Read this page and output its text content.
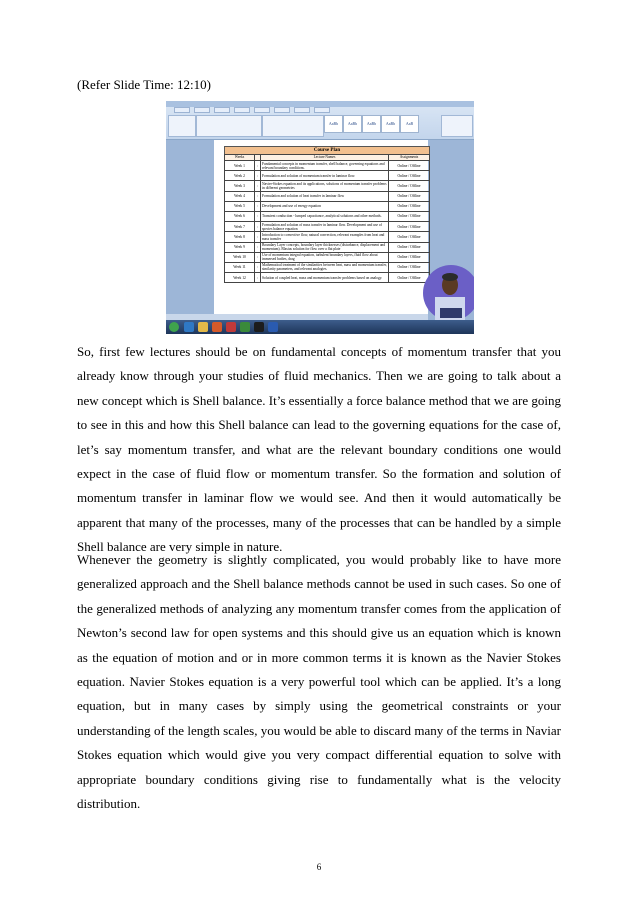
(Refer Slide Time: 12:10)
AaBb	AaBb	AaBb	AaBb	AaB
Course Plan
Weeks		Lecture Names	Assignments
Week 1	:	Fundamental concepts in momentum transfer, shell balance, governing equations and relevant boundary conditions.	Online / Offline
Week 2	:	Formulation and solution of momentum transfer in laminar flow.	Online / Offline
Week 3	:	Navier-Stokes equation and its applications, solutions of momentum transfer problems in different geometries	Online / Offline
Week 4	:	Formulation and solution of heat transfer in laminar flow	Online / Offline
Week 5	:	Development and use of energy equation	Online / Offline
Week 6	:	Transient conduction - lumped capacitance, analytical solutions and other methods.	Online / Offline
Week 7	:	Formulation and solution of mass transfer in laminar flow. Development and use of species balance equation	Online / Offline
Week 8	:	Introduction to convective flow, natural convection, relevant examples from heat and mass transfer	Online / Offline
Week 9	:	Boundary Layer concepts, boundary layer thicknesses (disturbance, displacement and momentum). Blasius solution for flow over a flat plate	Online / Offline
Week 10	:	Use of momentum integral equation, turbulent boundary layers, fluid flow about immersed bodies, drag	Online / Offline
Week 11	:	Mathematical treatment of the similarities between heat, mass and momentum transfer, similarity parameters, and relevant analogies.	Online / Offline
Week 12	:	Solution of coupled heat, mass and momentum transfer problems based on analogy.	Online / Offline

So, first few lectures should be on fundamental concepts of momentum transfer that you already know through your studies of fluid mechanics. Then we are going to talk about a new concept which is Shell balance. It’s essentially a force balance method that we are going to see in this and how this Shell balance can lead to the governing equations for the case of, let’s say momentum transfer, and what are the relevant boundary conditions one would expect in the case of fluid flow or momentum transfer. So the formation and solution of momentum transfer in laminar flow we would see. And then it would automatically be apparent that many of the processes, many of the processes that can be handled by a simple Shell balance are very simple in nature.

Whenever the geometry is slightly complicated, you would probably like to have more generalized approach and the Shell balance methods cannot be used in such cases. So one of the generalized methods of analyzing any momentum transfer comes from the application of Newton’s second law for open systems and this should give us an equation which is known as the equation of motion and or in more common terms it is known as the Navier Stokes equation. Navier Stokes equation is a very powerful tool which can be applied. It’s a long equation, but in many cases by simply using the geometrical constraints or your understanding of the length scales, you would be able to discard many of the terms in Naviar Stokes equation which would give you very compact differential equation to solve with appropriate boundary conditions giving rise to fundamentally what is the velocity distribution.

6
